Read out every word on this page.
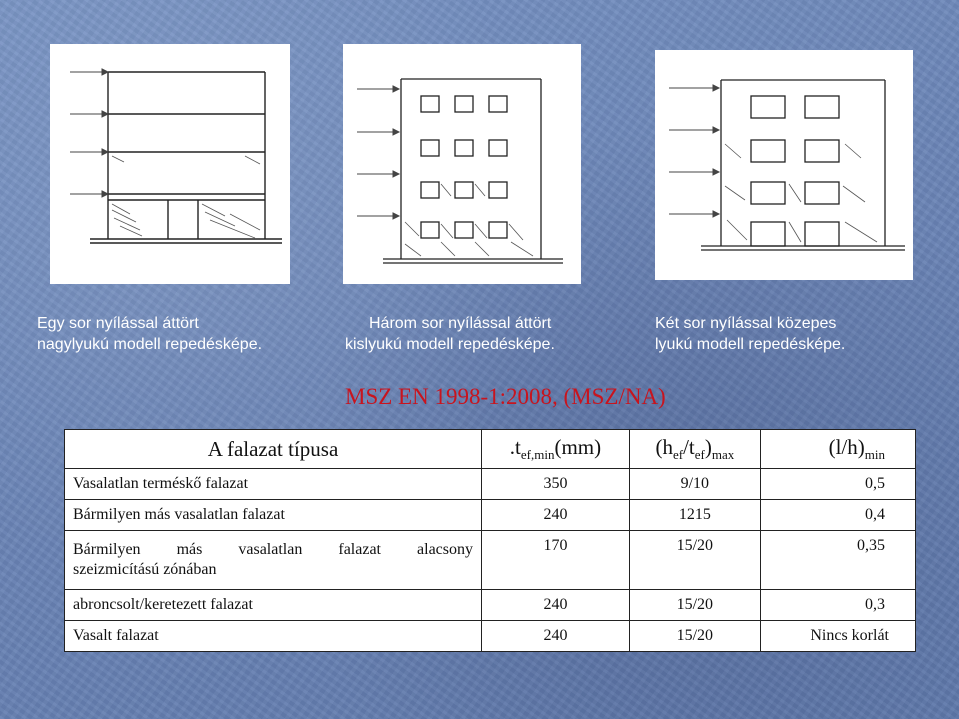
Egy sor nyílással áttört
nagylyukú modell repedésképe.
Három sor nyílással áttört
kislyukú modell repedésképe.
Két sor nyílással közepes
lyukú modell repedésképe.
MSZ EN 1998-1:2008, (MSZ/NA)
A falazat típusa	$.t_{ef,min}(mm)$	$(h_{ef}/t_{ef})_{max}$	$(l/h)_{min}$
Vasalatlan terméskő falazat	350	9/10	0,5
Bármilyen más vasalatlan falazat	240	1215	0,4

Bármilyen más vasalatlan falazat alacsony
szeizmicítású zónában	170	15/20	0,35
abroncsolt/keretezett falazat	240	15/20	0,3
Vasalt falazat	240	15/20	Nincs korlát
